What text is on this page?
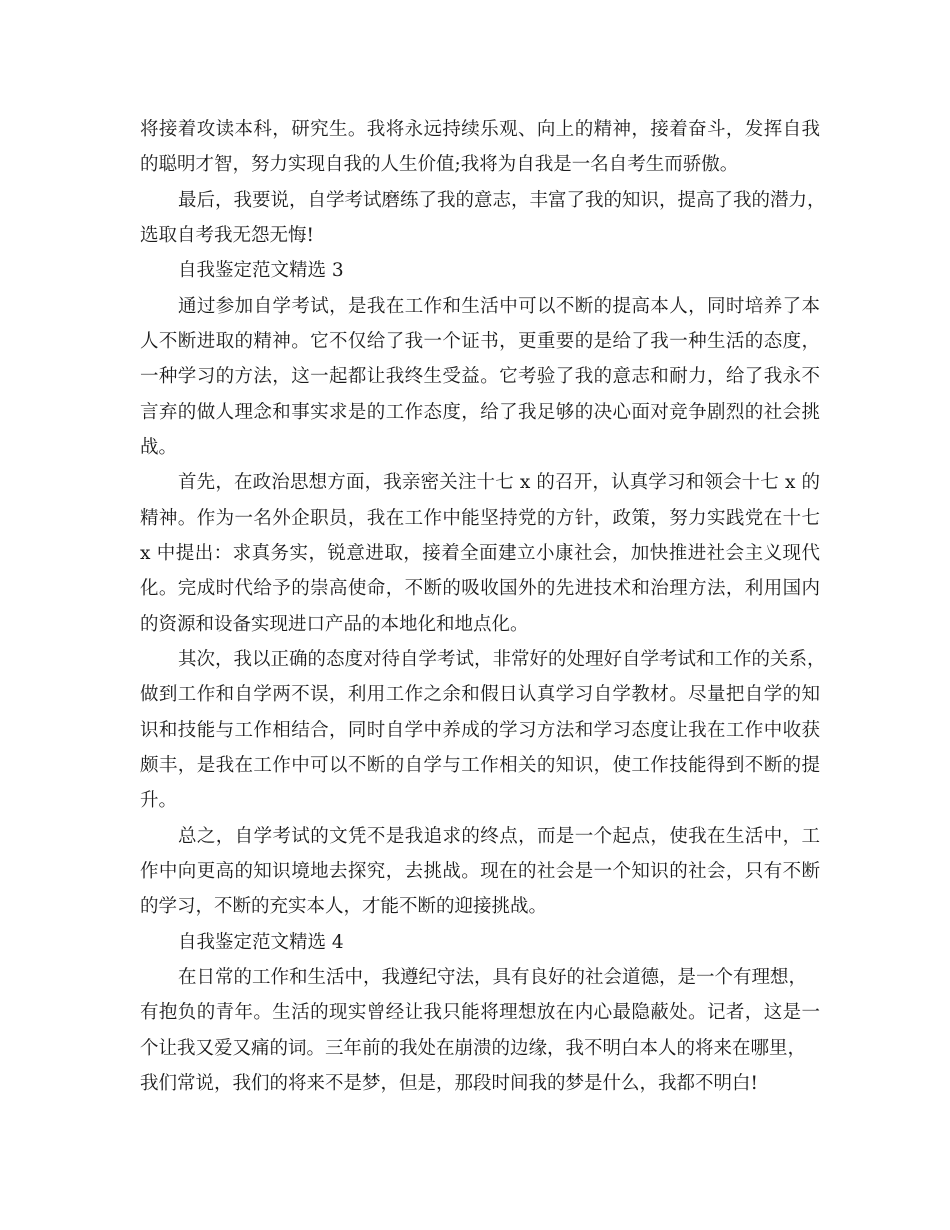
将接着攻读本科，研究生。我将永远持续乐观、向上的精神，接着奋斗，发挥自我
的聪明才智，努力实现自我的人生价值;我将为自我是一名自考生而骄傲。
最后，我要说，自学考试磨练了我的意志，丰富了我的知识，提高了我的潜力，
选取自考我无怨无悔!
自我鉴定范文精选 3
通过参加自学考试，是我在工作和生活中可以不断的提高本人，同时培养了本
人不断进取的精神。它不仅给了我一个证书，更重要的是给了我一种生活的态度，
一种学习的方法，这一起都让我终生受益。它考验了我的意志和耐力，给了我永不
言弃的做人理念和事实求是的工作态度，给了我足够的决心面对竞争剧烈的社会挑
战。
首先，在政治思想方面，我亲密关注十七 x 的召开，认真学习和领会十七 x 的
精神。作为一名外企职员，我在工作中能坚持党的方针，政策，努力实践党在十七
x 中提出：求真务实，锐意进取，接着全面建立小康社会，加快推进社会主义现代
化。完成时代给予的崇高使命，不断的吸收国外的先进技术和治理方法，利用国内
的资源和设备实现进口产品的本地化和地点化。
其次，我以正确的态度对待自学考试，非常好的处理好自学考试和工作的关系，
做到工作和自学两不误，利用工作之余和假日认真学习自学教材。尽量把自学的知
识和技能与工作相结合，同时自学中养成的学习方法和学习态度让我在工作中收获
颇丰，是我在工作中可以不断的自学与工作相关的知识，使工作技能得到不断的提
升。
总之，自学考试的文凭不是我追求的终点，而是一个起点，使我在生活中，工
作中向更高的知识境地去探究，去挑战。现在的社会是一个知识的社会，只有不断
的学习，不断的充实本人，才能不断的迎接挑战。
自我鉴定范文精选 4
在日常的工作和生活中，我遵纪守法，具有良好的社会道德，是一个有理想，
有抱负的青年。生活的现实曾经让我只能将理想放在内心最隐蔽处。记者，这是一
个让我又爱又痛的词。三年前的我处在崩溃的边缘，我不明白本人的将来在哪里，
我们常说，我们的将来不是梦，但是，那段时间我的梦是什么，我都不明白!
